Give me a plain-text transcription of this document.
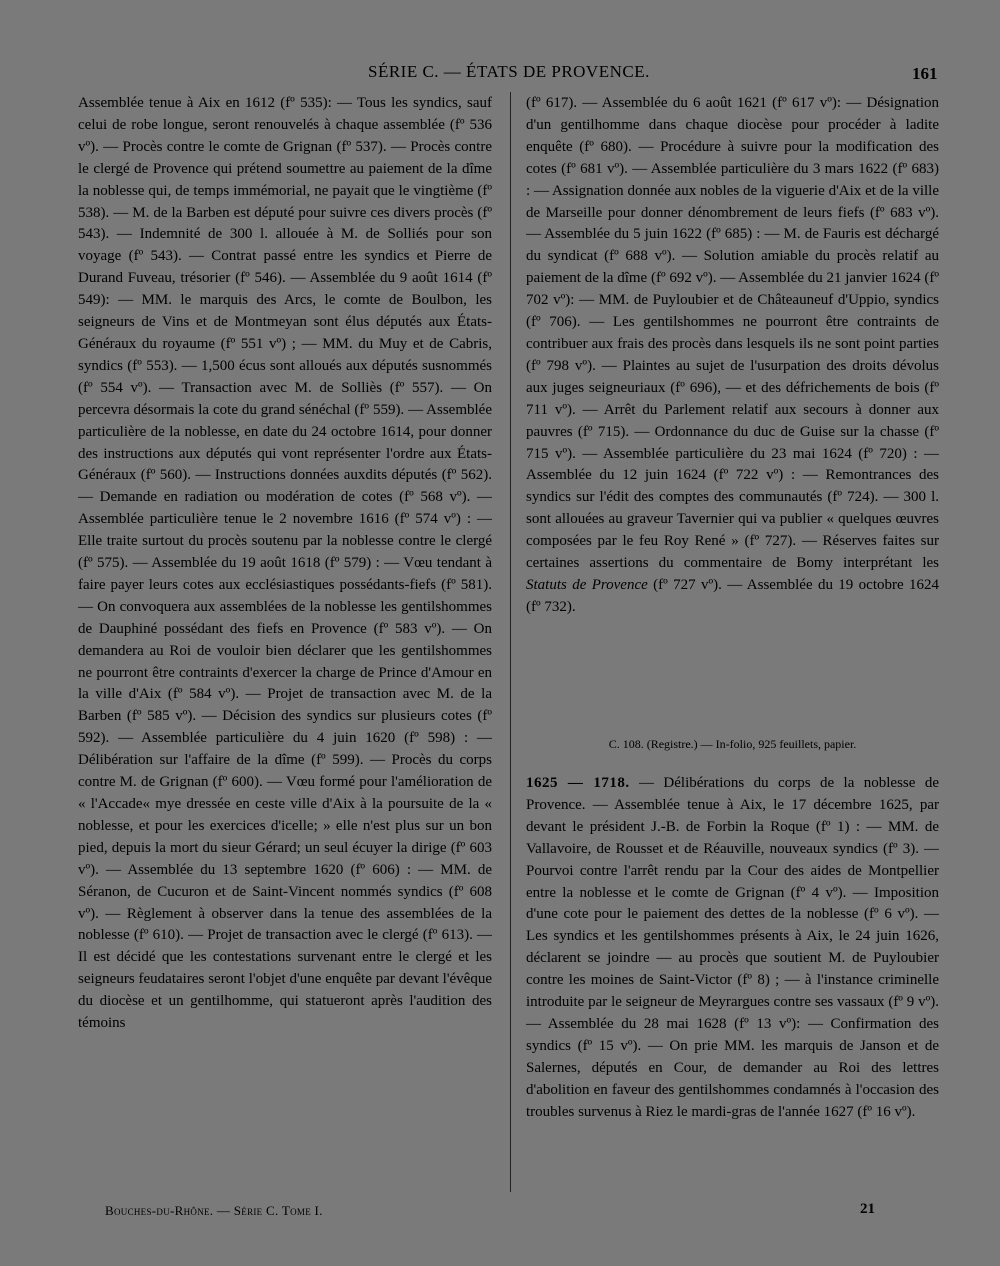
SÉRIE C. — ÉTATS DE PROVENCE.	161

Assemblée tenue à Aix en 1612 (fº 535): — Tous les syndics, sauf celui de robe longue, seront renouvelés à chaque assemblée (fº 536 vº). — Procès contre le comte de Grignan (fº 537). — Procès contre le clergé de Provence qui prétend soumettre au paiement de la dîme la noblesse qui, de temps immémorial, ne payait que le vingtième (fº 538). — M. de la Barben est député pour suivre ces divers procès (fº 543). — Indemnité de 300 l. allouée à M. de Solliés pour son voyage (fº 543). — Contrat passé entre les syndics et Pierre de Durand Fuveau, trésorier (fº 546). — Assemblée du 9 août 1614 (fº 549): — MM. le marquis des Arcs, le comte de Boulbon, les seigneurs de Vins et de Montmeyan sont élus députés aux États-Généraux du royaume (fº 551 vº) ; — MM. du Muy et de Cabris, syndics (fº 553). — 1,500 écus sont alloués aux députés susnommés (fº 554 vº). — Transaction avec M. de Solliès (fº 557). — On percevra désormais la cote du grand sénéchal (fº 559). — Assemblée particulière de la noblesse, en date du 24 octobre 1614, pour donner des instructions aux députés qui vont représenter l'ordre aux États-Généraux (fº 560). — Instructions données auxdits députés (fº 562). — Demande en radiation ou modération de cotes (fº 568 vº). — Assemblée particulière tenue le 2 novembre 1616 (fº 574 vº) : — Elle traite surtout du procès soutenu par la noblesse contre le clergé (fº 575). — Assemblée du 19 août 1618 (fº 579) : — Vœu tendant à faire payer leurs cotes aux ecclésiastiques possédants-fiefs (fº 581). — On convoquera aux assemblées de la noblesse les gentilshommes de Dauphiné possédant des fiefs en Provence (fº 583 vº). — On demandera au Roi de vouloir bien déclarer que les gentilshommes ne pourront être contraints d'exercer la charge de Prince d'Amour en la ville d'Aix (fº 584 vº). — Projet de transaction avec M. de la Barben (fº 585 vº). — Décision des syndics sur plusieurs cotes (fº 592). — Assemblée particulière du 4 juin 1620 (fº 598) : — Délibération sur l'affaire de la dîme (fº 599). — Procès du corps contre M. de Grignan (fº 600). — Vœu formé pour l'amélioration de « l'Accade« mye dressée en ceste ville d'Aix à la poursuite de la « noblesse, et pour les exercices d'icelle; » elle n'est plus sur un bon pied, depuis la mort du sieur Gérard; un seul écuyer la dirige (fº 603 vº). — Assemblée du 13 septembre 1620 (fº 606) : — MM. de Séranon, de Cucuron et de Saint-Vincent nommés syndics (fº 608 vº). — Règlement à observer dans la tenue des assemblées de la noblesse (fº 610). — Projet de transaction avec le clergé (fº 613). — Il est décidé que les contestations survenant entre le clergé et les seigneurs feudataires seront l'objet d'une enquête par devant l'évêque du diocèse et un gentilhomme, qui statueront après l'audition des témoins

(fº 617). — Assemblée du 6 août 1621 (fº 617 vº): — Désignation d'un gentilhomme dans chaque diocèse pour procéder à ladite enquête (fº 680). — Procédure à suivre pour la modification des cotes (fº 681 vº). — Assemblée particulière du 3 mars 1622 (fº 683) : — Assignation donnée aux nobles de la viguerie d'Aix et de la ville de Marseille pour donner dénombrement de leurs fiefs (fº 683 vº). — Assemblée du 5 juin 1622 (fº 685) : — M. de Fauris est déchargé du syndicat (fº 688 vº). — Solution amiable du procès relatif au paiement de la dîme (fº 692 vº). — Assemblée du 21 janvier 1624 (fº 702 vº): — MM. de Puyloubier et de Châteauneuf d'Uppio, syndics (fº 706). — Les gentilshommes ne pourront être contraints de contribuer aux frais des procès dans lesquels ils ne sont point parties (fº 798 vº). — Plaintes au sujet de l'usurpation des droits dévolus aux juges seigneuriaux (fº 696), — et des défrichements de bois (fº 711 vº). — Arrêt du Parlement relatif aux secours à donner aux pauvres (fº 715). — Ordonnance du duc de Guise sur la chasse (fº 715 vº). — Assemblée particulière du 23 mai 1624 (fº 720) : — Assemblée du 12 juin 1624 (fº 722 vº) : — Remontrances des syndics sur l'édit des comptes des communautés (fº 724). — 300 l. sont allouées au graveur Tavernier qui va publier « quelques œuvres composées par le feu Roy René » (fº 727). — Réserves faites sur certaines assertions du commentaire de Bomy interprétant les Statuts de Provence (fº 727 vº). — Assemblée du 19 octobre 1624 (fº 732).

C. 108. (Registre.) — In-folio, 925 feuillets, papier.

1625 — 1718. — Délibérations du corps de la noblesse de Provence. — Assemblée tenue à Aix, le 17 décembre 1625, par devant le président J.-B. de Forbin la Roque (fº 1) : — MM. de Vallavoire, de Rousset et de Réauville, nouveaux syndics (fº 3). — Pourvoi contre l'arrêt rendu par la Cour des aides de Montpellier entre la noblesse et le comte de Grignan (fº 4 vº). — Imposition d'une cote pour le paiement des dettes de la noblesse (fº 6 vº). — Les syndics et les gentilshommes présents à Aix, le 24 juin 1626, déclarent se joindre — au procès que soutient M. de Puyloubier contre les moines de Saint-Victor (fº 8) ; — à l'instance criminelle introduite par le seigneur de Meyrargues contre ses vassaux (fº 9 vº). — Assemblée du 28 mai 1628 (fº 13 vº): — Confirmation des syndics (fº 15 vº). — On prie MM. les marquis de Janson et de Salernes, députés en Cour, de demander au Roi des lettres d'abolition en faveur des gentilshommes condamnés à l'occasion des troubles survenus à Riez le mardi-gras de l'année 1627 (fº 16 vº).

Bouches-du-Rhône. — Série C. Tome I.	21
